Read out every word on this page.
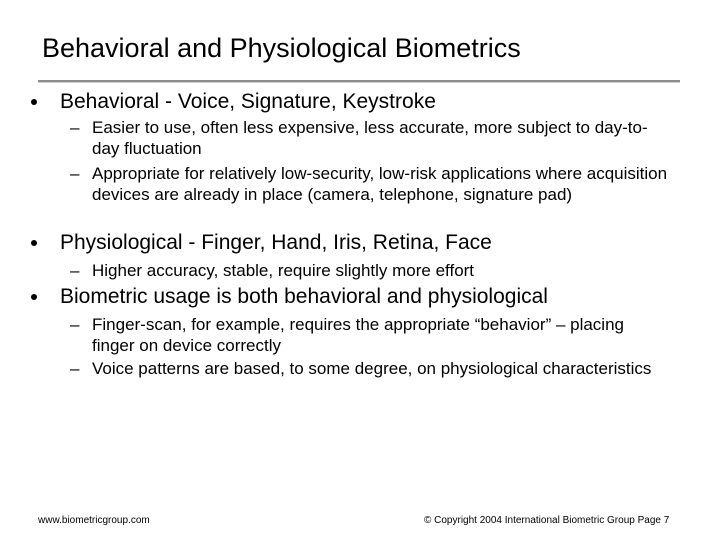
Behavioral and Physiological Biometrics
Behavioral - Voice, Signature, Keystroke
– Easier to use, often less expensive, less accurate, more subject to day-to-day fluctuation
– Appropriate for relatively low-security, low-risk applications where acquisition devices are already in place (camera, telephone, signature pad)
Physiological - Finger, Hand, Iris, Retina, Face
– Higher accuracy, stable, require slightly more effort
Biometric usage is both behavioral and physiological
– Finger-scan, for example, requires the appropriate “behavior” – placing finger on device correctly
– Voice patterns are based, to some degree, on physiological characteristics
www.biometricgroup.com	© Copyright 2004 International Biometric Group Page 7
